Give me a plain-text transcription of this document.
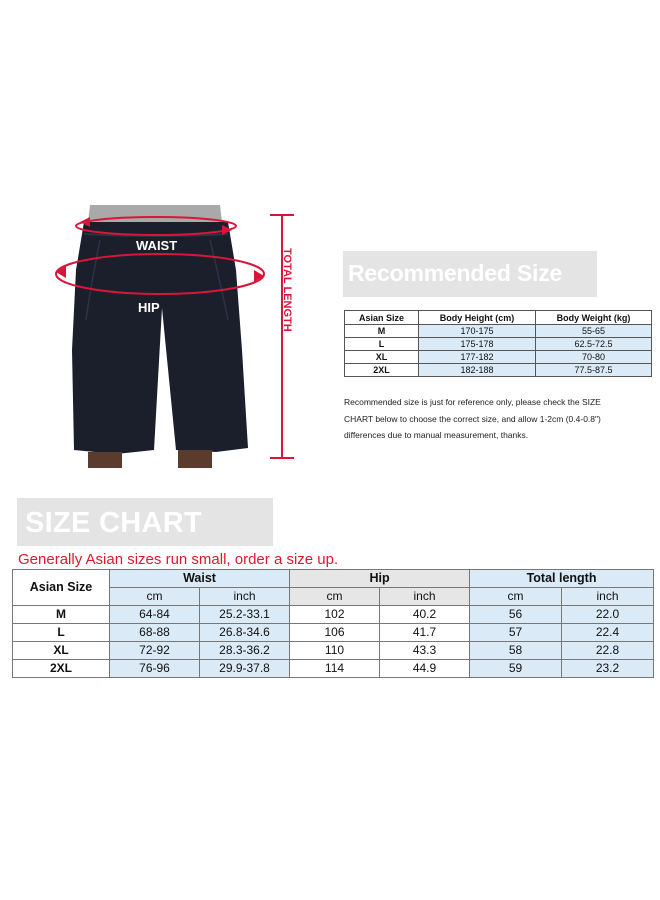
TOTAL LENGTH
WAIST
HIP
Recommended Size
Asian Size	Body Height (cm)	Body Weight (kg)
M	170-175	55-65
L	175-178	62.5-72.5
XL	177-182	70-80
2XL	182-188	77.5-87.5
Recommended size is just for reference only, please check the SIZE
CHART below to choose the correct size, and allow 1-2cm (0.4-0.8")
differences due to manual measurement, thanks.
SIZE CHART
Generally Asian sizes run small, order a size up.
Asian Size	Waist		Hip		Total length	
	cm	inch	cm	inch	cm	inch
M	64-84	25.2-33.1	102	40.2	56	22.0
L	68-88	26.8-34.6	106	41.7	57	22.4
XL	72-92	28.3-36.2	110	43.3	58	22.8
2XL	76-96	29.9-37.8	114	44.9	59	23.2
